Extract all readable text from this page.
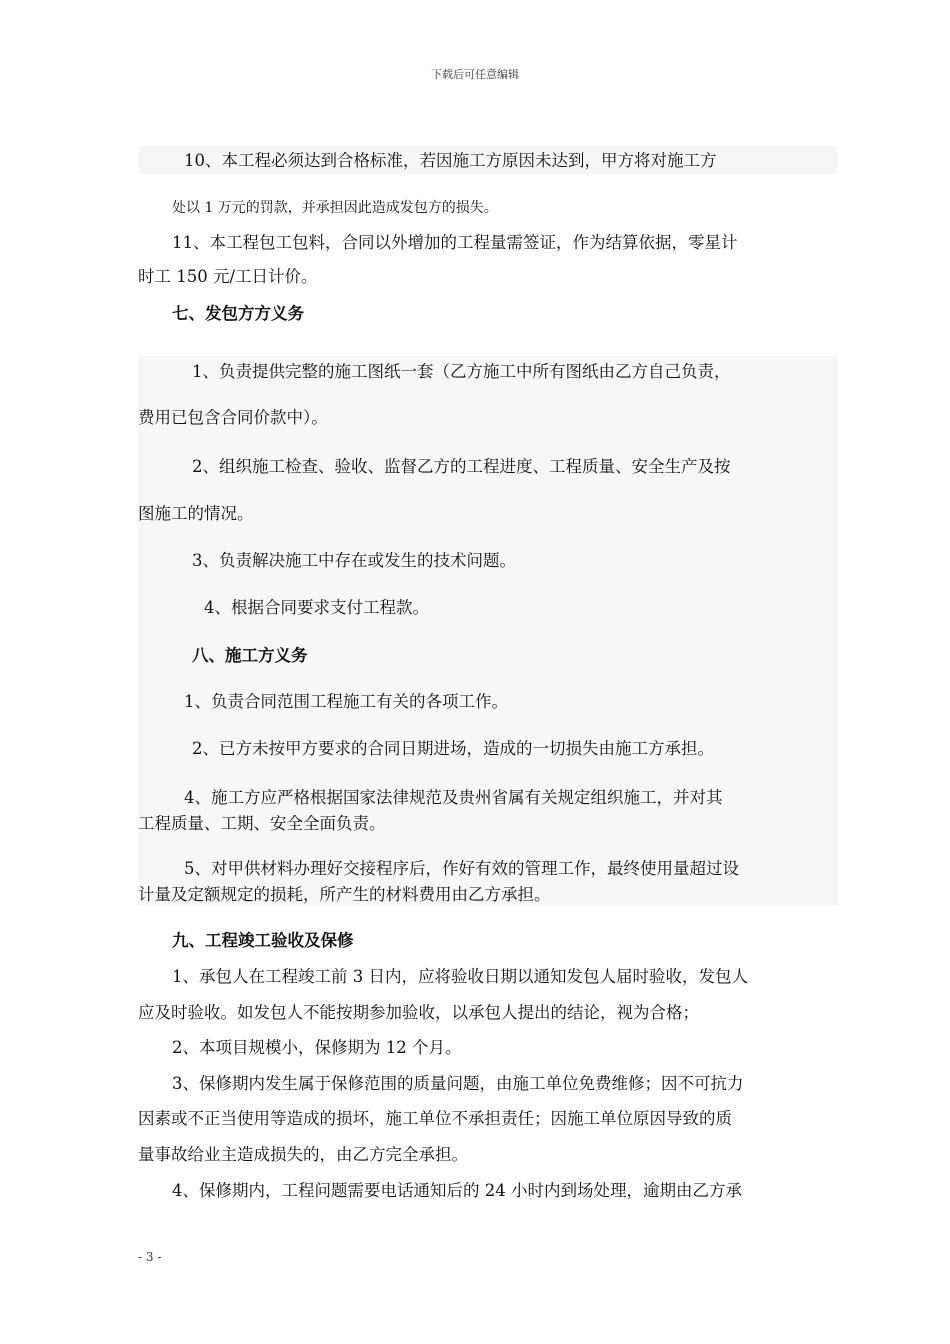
下载后可任意编辑
10、本工程必须达到合格标准，若因施工方原因未达到，甲方将对施工方
处以 1 万元的罚款，并承担因此造成发包方的损失。
11、本工程包工包料，合同以外增加的工程量需签证，作为结算依据，零星计
时工 150 元/工日计价。
七、发包方方义务
1、负责提供完整的施工图纸一套（乙方施工中所有图纸由乙方自己负责，
费用已包含合同价款中）。
2、组织施工检查、验收、监督乙方的工程进度、工程质量、安全生产及按
图施工的情况。
3、负责解决施工中存在或发生的技术问题。
4、根据合同要求支付工程款。
八、施工方义务
1、负责合同范围工程施工有关的各项工作。
2、已方未按甲方要求的合同日期进场，造成的一切损失由施工方承担。
4、施工方应严格根据国家法律规范及贵州省属有关规定组织施工，并对其
工程质量、工期、安全全面负责。
5、对甲供材料办理好交接程序后，作好有效的管理工作，最终使用量超过设
计量及定额规定的损耗，所产生的材料费用由乙方承担。
九、工程竣工验收及保修
1、承包人在工程竣工前 3 日内，应将验收日期以通知发包人届时验收，发包人
应及时验收。如发包人不能按期参加验收，以承包人提出的结论，视为合格；
2、本项目规模小，保修期为 12 个月。
3、保修期内发生属于保修范围的质量问题，由施工单位免费维修；因不可抗力
因素或不正当使用等造成的损坏，施工单位不承担责任；因施工单位原因导致的质
量事故给业主造成损失的，由乙方完全承担。
4、保修期内，工程问题需要电话通知后的 24 小时内到场处理，逾期由乙方承
- 3 -
